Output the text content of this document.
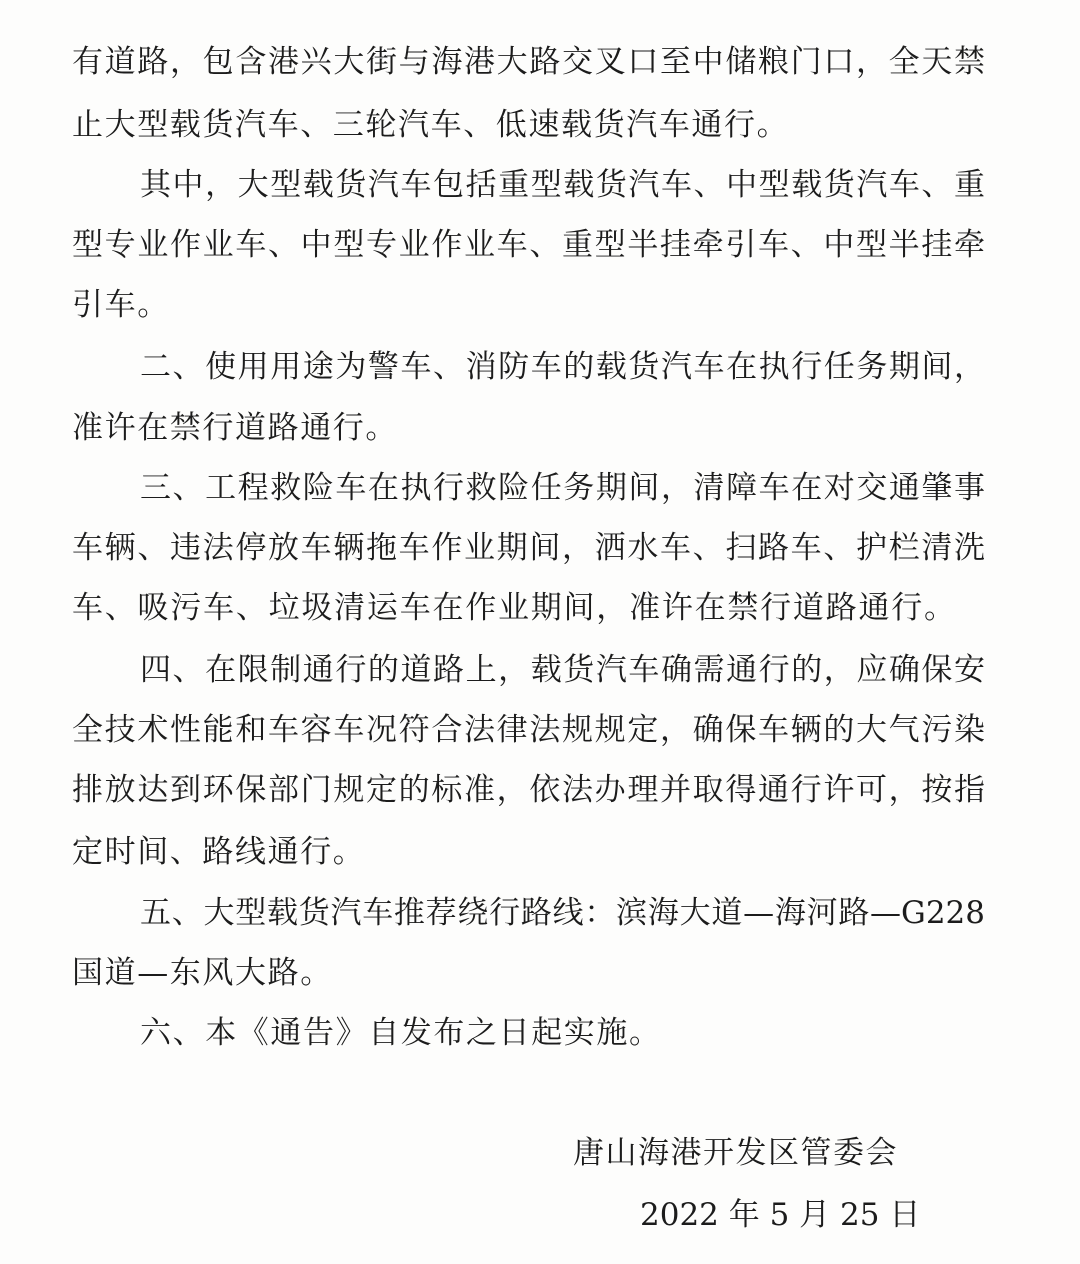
有道路，包含港兴大街与海港大路交叉口至中储粮门口，全天禁
止大型载货汽车、三轮汽车、低速载货汽车通行。
其中，大型载货汽车包括重型载货汽车、中型载货汽车、重
型专业作业车、中型专业作业车、重型半挂牵引车、中型半挂牵
引车。
二、使用用途为警车、消防车的载货汽车在执行任务期间，
准许在禁行道路通行。
三、工程救险车在执行救险任务期间，清障车在对交通肇事
车辆、违法停放车辆拖车作业期间，洒水车、扫路车、护栏清洗
车、吸污车、垃圾清运车在作业期间，准许在禁行道路通行。
四、在限制通行的道路上，载货汽车确需通行的，应确保安
全技术性能和车容车况符合法律法规规定，确保车辆的大气污染
排放达到环保部门规定的标准，依法办理并取得通行许可，按指
定时间、路线通行。
五、大型载货汽车推荐绕行路线：滨海大道—海河路—G228
国道—东风大路。
六、本《通告》自发布之日起实施。
唐山海港开发区管委会
2022 年 5 月 25 日
